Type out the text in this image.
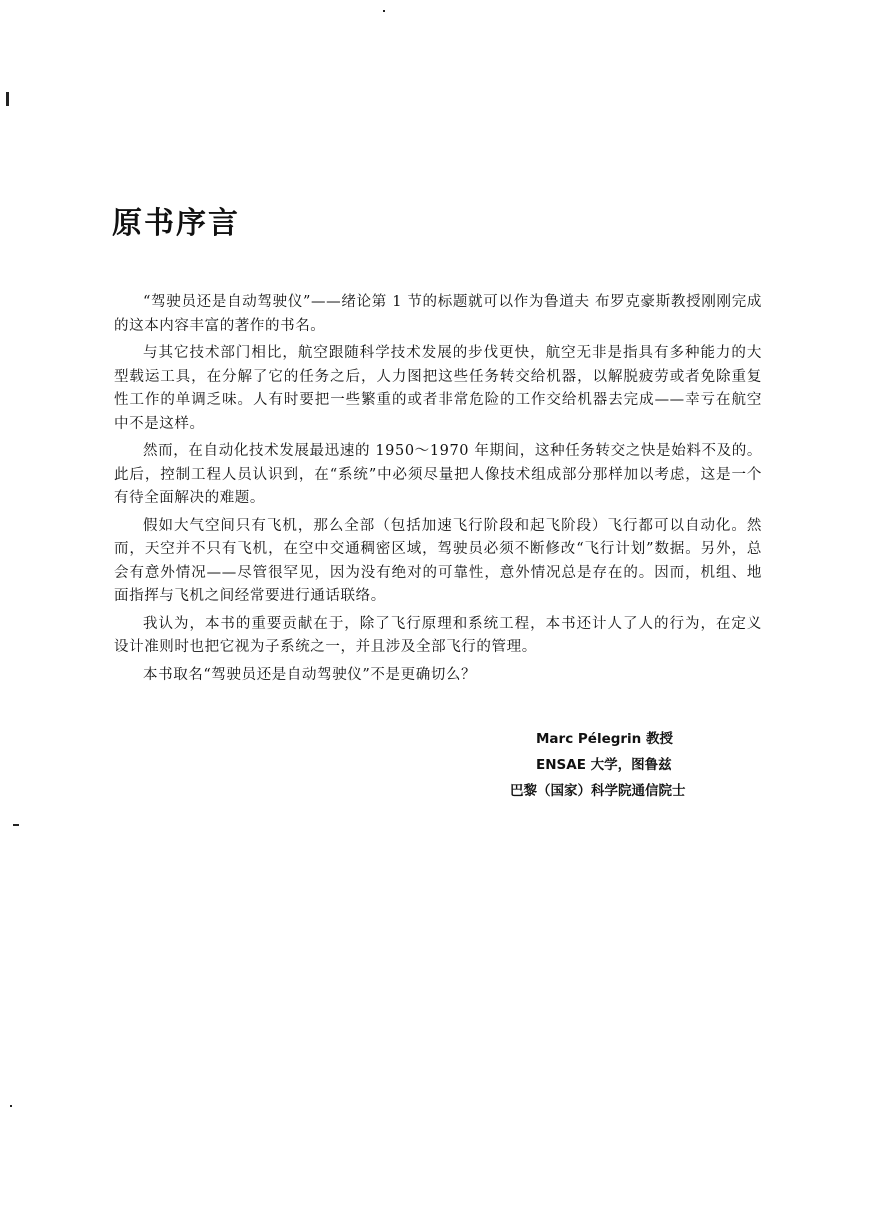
原书序言

“驾驶员还是自动驾驶仪”——绪论第 1 节的标题就可以作为鲁道夫 布罗克豪斯教授刚刚完成的这本内容丰富的著作的书名。

与其它技术部门相比，航空跟随科学技术发展的步伐更快，航空无非是指具有多种能力的大型载运工具，在分解了它的任务之后，人力图把这些任务转交给机器，以解脱疲劳或者免除重复性工作的单调乏味。人有时要把一些繁重的或者非常危险的工作交给机器去完成——幸亏在航空中不是这样。

然而，在自动化技术发展最迅速的 1950～1970 年期间，这种任务转交之快是始料不及的。此后，控制工程人员认识到，在“系统”中必须尽量把人像技术组成部分那样加以考虑，这是一个有待全面解决的难题。

假如大气空间只有飞机，那么全部（包括加速飞行阶段和起飞阶段）飞行都可以自动化。然而，天空并不只有飞机，在空中交通稠密区域，驾驶员必须不断修改“飞行计划”数据。另外，总会有意外情况——尽管很罕见，因为没有绝对的可靠性，意外情况总是存在的。因而，机组、地面指挥与飞机之间经常要进行通话联络。

我认为，本书的重要贡献在于，除了飞行原理和系统工程，本书还计人了人的行为，在定义设计准则时也把它视为子系统之一，并且涉及全部飞行的管理。

本书取名“驾驶员还是自动驾驶仪”不是更确切么？

Marc Pélegrin 教授
ENSAE 大学，图鲁兹
巴黎（国家）科学院通信院士
